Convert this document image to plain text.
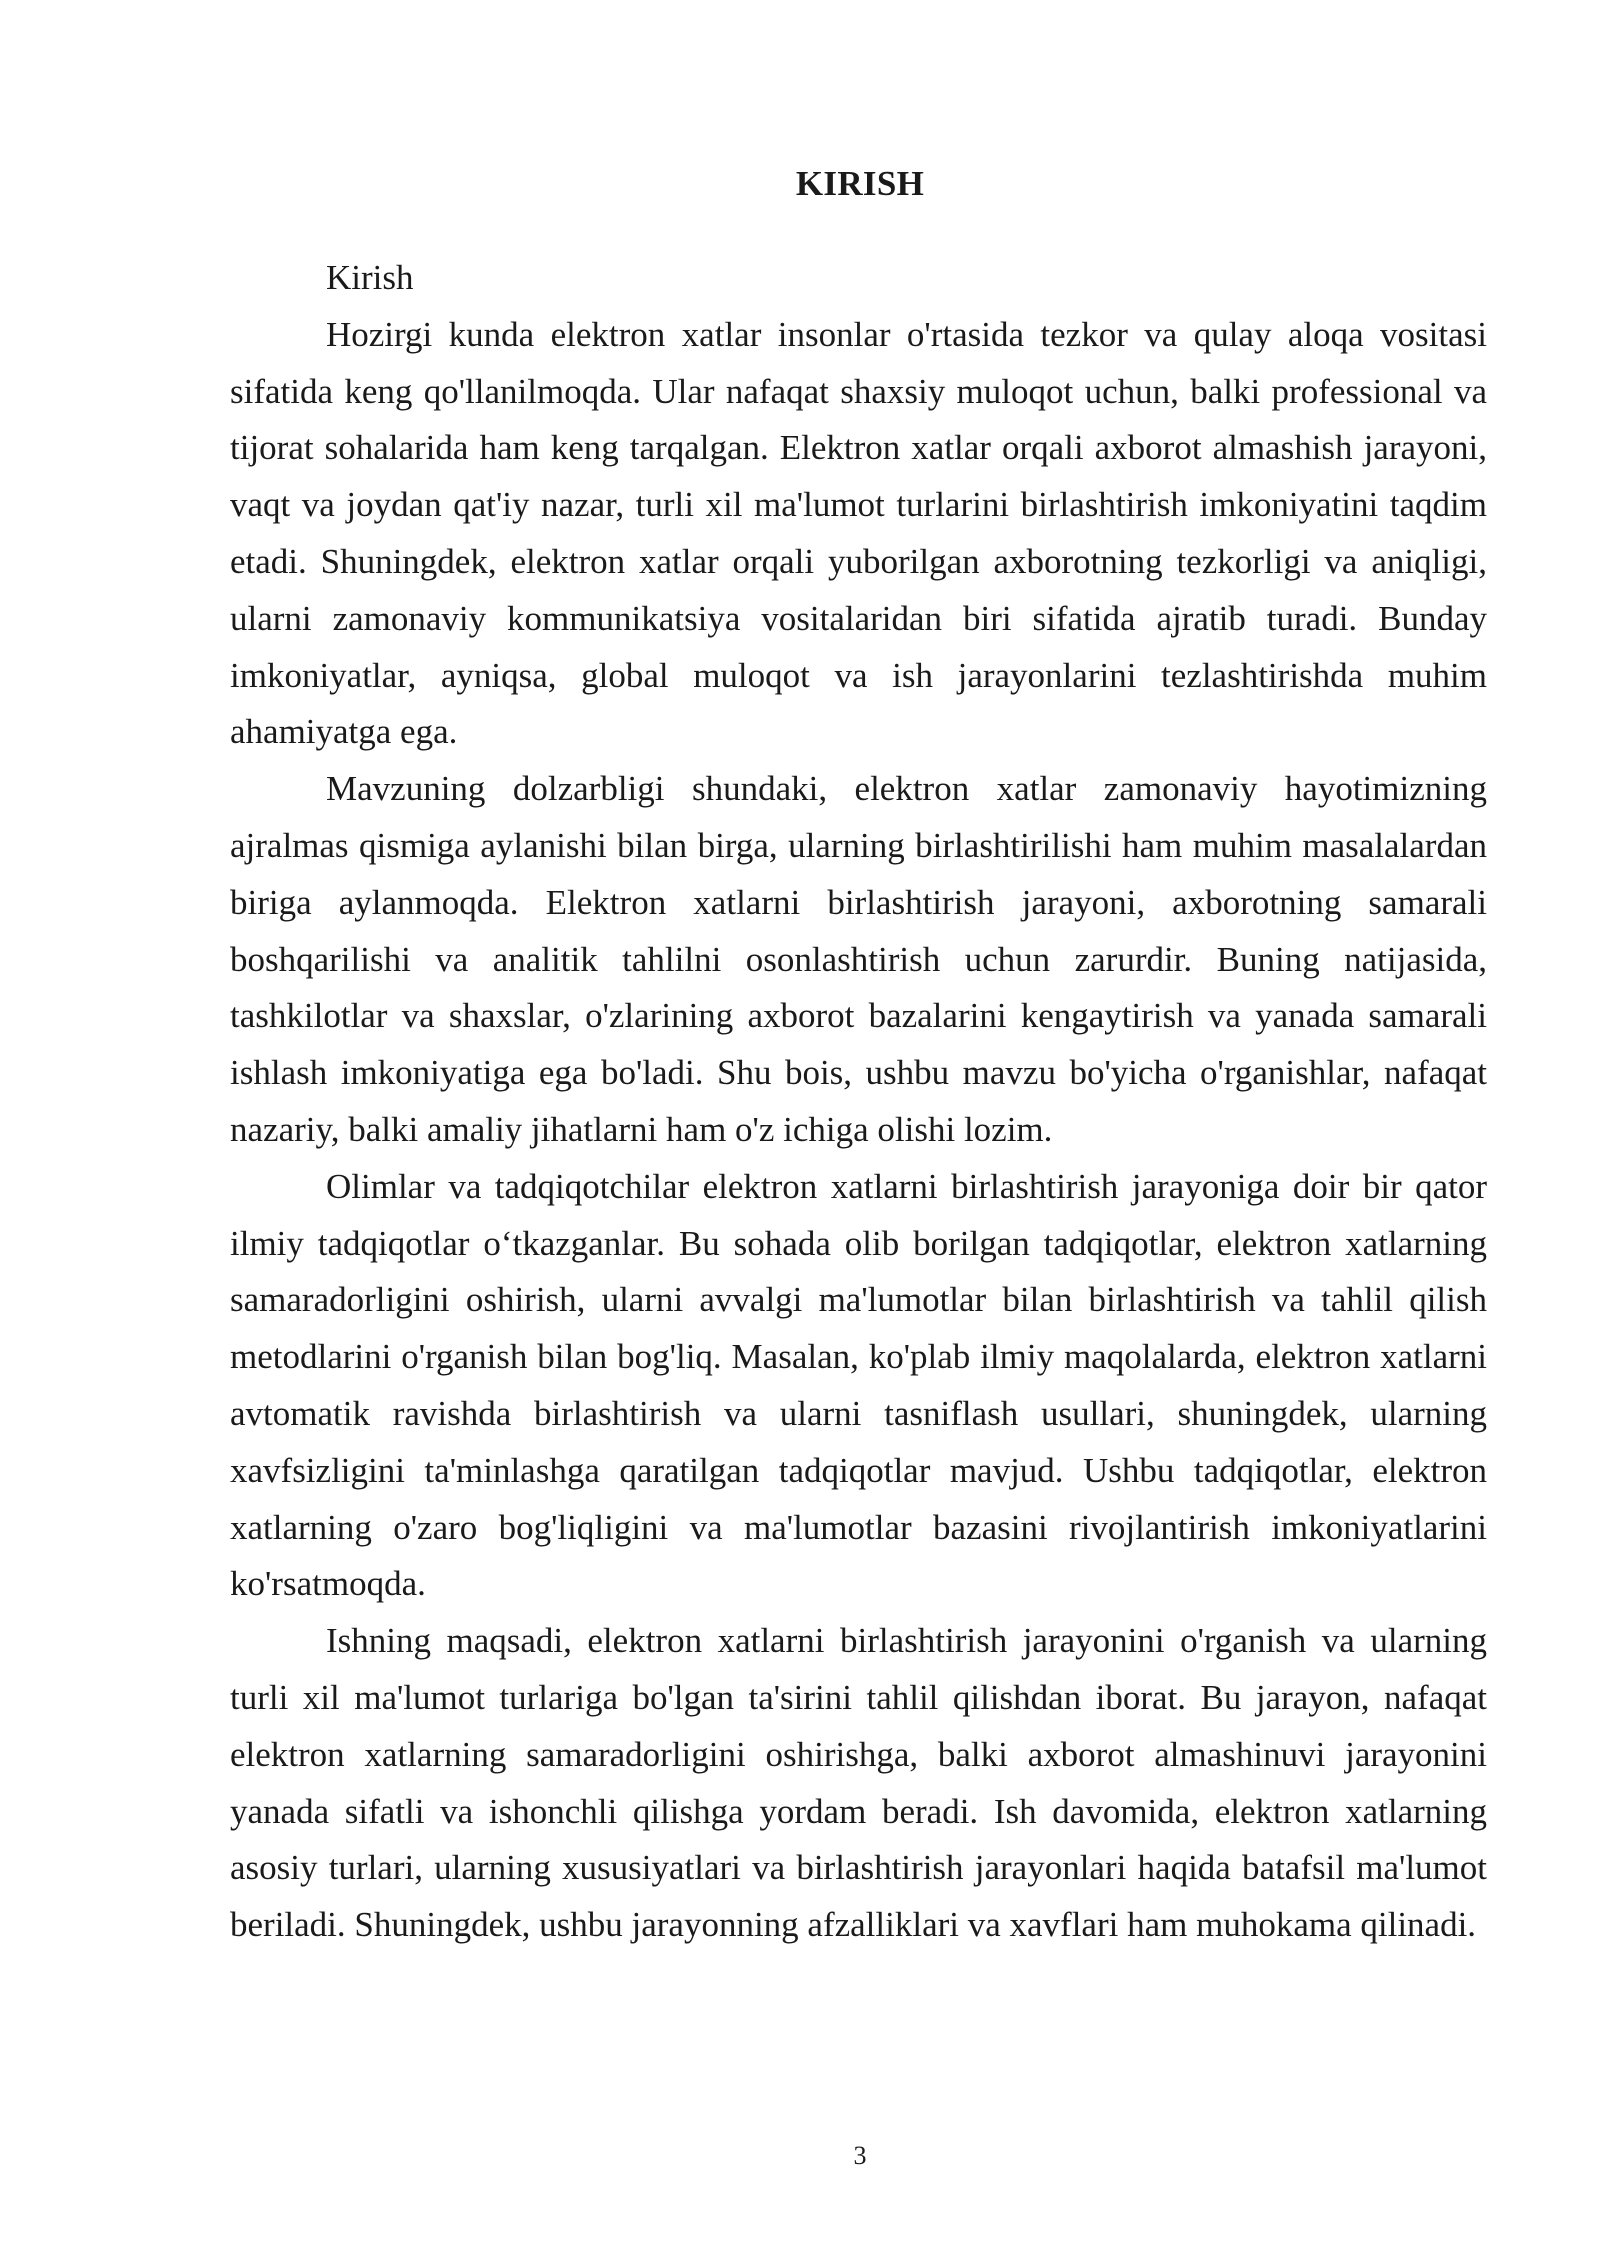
KIRISH

Kirish

Hozirgi kunda elektron xatlar insonlar o'rtasida tezkor va qulay aloqa vositasi sifatida keng qo'llanilmoqda. Ular nafaqat shaxsiy muloqot uchun, balki professional va tijorat sohalarida ham keng tarqalgan. Elektron xatlar orqali axborot almashish jarayoni, vaqt va joydan qat'iy nazar, turli xil ma'lumot turlarini birlashtirish imkoniyatini taqdim etadi. Shuningdek, elektron xatlar orqali yuborilgan axborotning tezkorligi va aniqligi, ularni zamonaviy kommunikatsiya vositalaridan biri sifatida ajratib turadi. Bunday imkoniyatlar, ayniqsa, global muloqot va ish jarayonlarini tezlashtirishda muhim ahamiyatga ega.

Mavzuning dolzarbligi shundaki, elektron xatlar zamonaviy hayotimizning ajralmas qismiga aylanishi bilan birga, ularning birlashtirilishi ham muhim masalalardan biriga aylanmoqda. Elektron xatlarni birlashtirish jarayoni, axborotning samarali boshqarilishi va analitik tahlilni osonlashtirish uchun zarurdir. Buning natijasida, tashkilotlar va shaxslar, o'zlarining axborot bazalarini kengaytirish va yanada samarali ishlash imkoniyatiga ega bo'ladi. Shu bois, ushbu mavzu bo'yicha o'rganishlar, nafaqat nazariy, balki amaliy jihatlarni ham o'z ichiga olishi lozim.

Olimlar va tadqiqotchilar elektron xatlarni birlashtirish jarayoniga doir bir qator ilmiy tadqiqotlar o‘tkazganlar. Bu sohada olib borilgan tadqiqotlar, elektron xatlarning samaradorligini oshirish, ularni avvalgi ma'lumotlar bilan birlashtirish va tahlil qilish metodlarini o'rganish bilan bog'liq. Masalan, ko'plab ilmiy maqolalarda, elektron xatlarni avtomatik ravishda birlashtirish va ularni tasniflash usullari, shuningdek, ularning xavfsizligini ta'minlashga qaratilgan tadqiqotlar mavjud. Ushbu tadqiqotlar, elektron xatlarning o'zaro bog'liqligini va ma'lumotlar bazasini rivojlantirish imkoniyatlarini ko'rsatmoqda.

Ishning maqsadi, elektron xatlarni birlashtirish jarayonini o'rganish va ularning turli xil ma'lumot turlariga bo'lgan ta'sirini tahlil qilishdan iborat. Bu jarayon, nafaqat elektron xatlarning samaradorligini oshirishga, balki axborot almashinuvi jarayonini yanada sifatli va ishonchli qilishga yordam beradi. Ish davomida, elektron xatlarning asosiy turlari, ularning xususiyatlari va birlashtirish jarayonlari haqida batafsil ma'lumot beriladi. Shuningdek, ushbu jarayonning afzalliklari va xavflari ham muhokama qilinadi.

3
